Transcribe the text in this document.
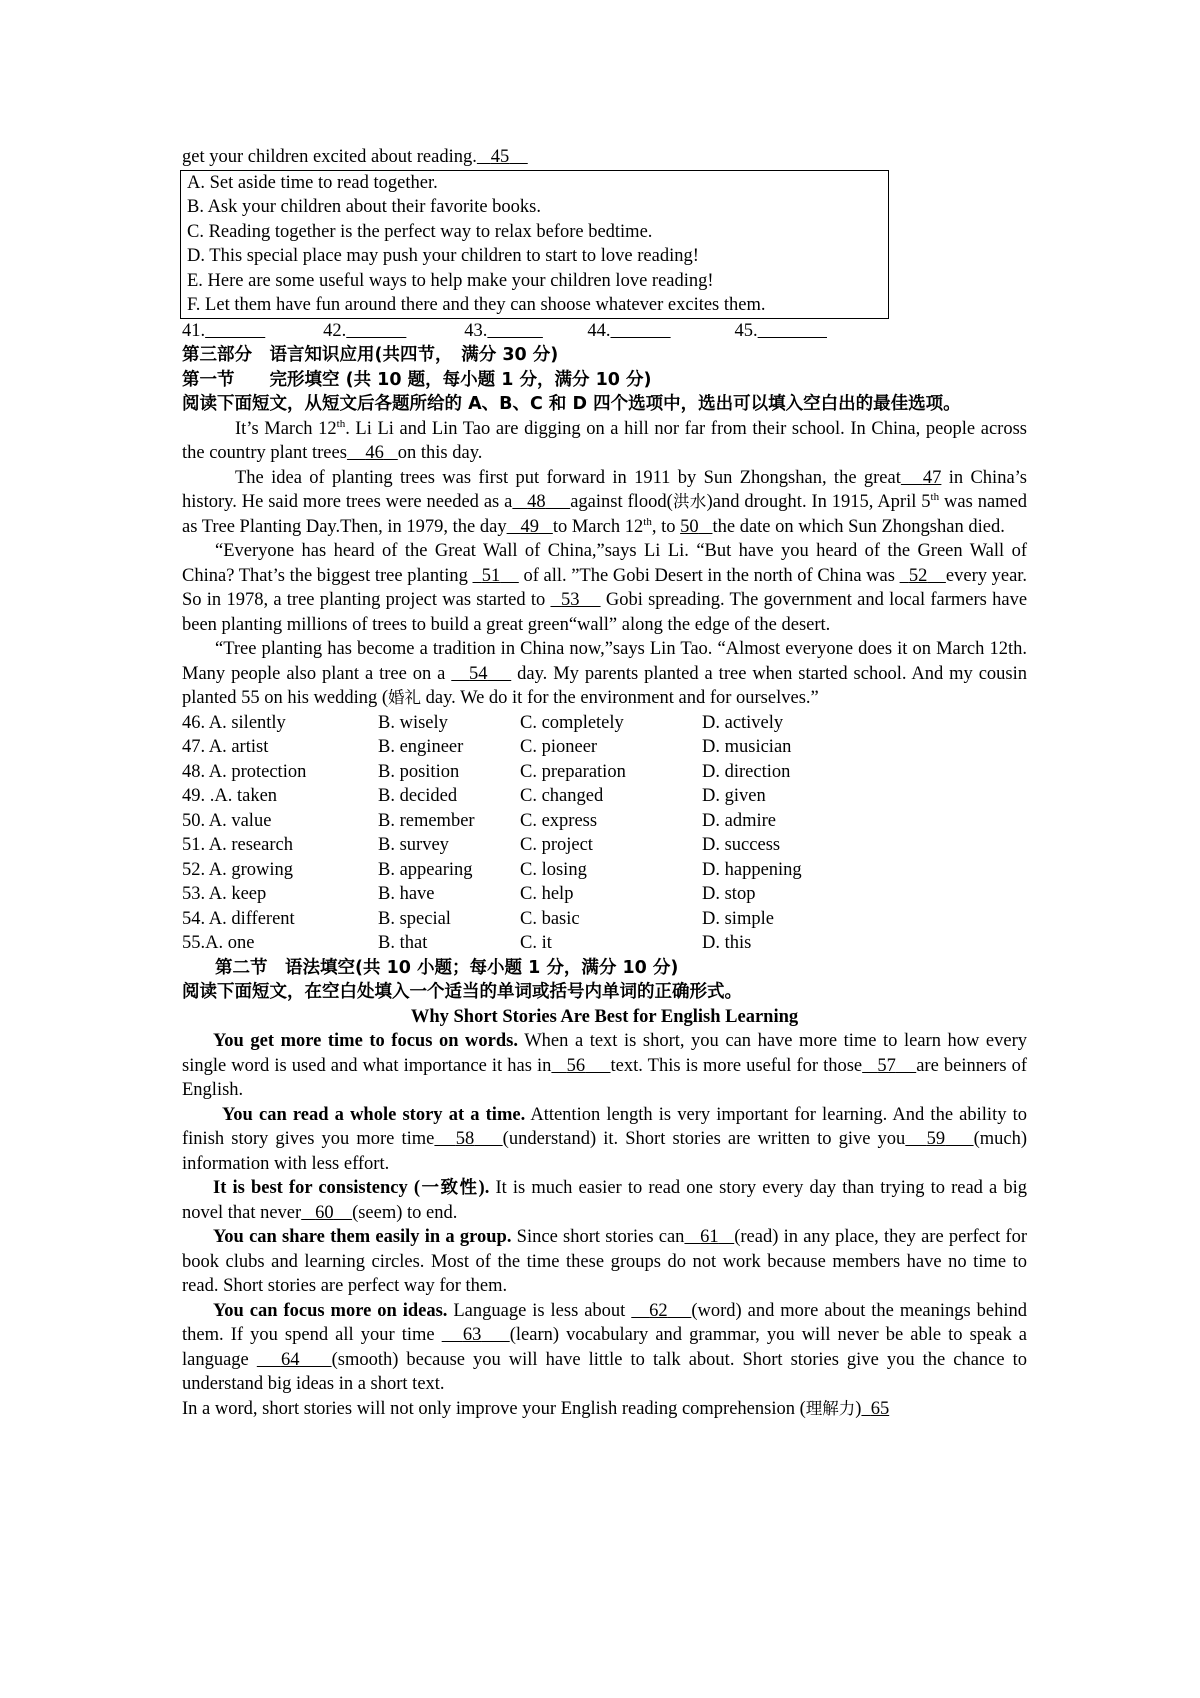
get your children excited about reading. 45
A. Set aside time to read together.
B. Ask your children about their favorite books.
C. Reading together is the perfect way to relax before bedtime.
D. This special place may push your children to start to love reading!
E. Here are some useful ways to help make your children love reading!
F. Let them have fun around there and they can shoose whatever excites them.
41.
	42.
	43.
	44.
	45.

第三部分　语言知识应用(共四节，　满分 30 分)
第一节　　完形填空 (共 10 题，每小题 1 分，满分 10 分)
阅读下面短文，从短文后各题所给的 A、B、C 和 D 四个选项中，选出可以填入空白出的最佳选项。
It’s March 12th. Li Li and Lin Tao are digging on a hill nor far from their school. In China, people across the country plant trees 46 on this day.
The idea of planting trees was first put forward in 1911 by Sun Zhongshan, the great 47 in China’s history. He said more trees were needed as a 48 against flood(洪水)and drought. In 1915, April 5th was named as Tree Planting Day.Then, in 1979, the day 49 to March 12th, to 50 the date on which Sun Zhongshan died.
“Everyone has heard of the Great Wall of China,”says Li Li. “But have you heard of the Green Wall of China? That’s the biggest tree planting 51 of all. ”The Gobi Desert in the north of China was 52 every year. So in 1978, a tree planting project was started to 53 Gobi spreading. The government and local farmers have been planting millions of trees to build a great green“wall” along the edge of the desert.
“Tree planting has become a tradition in China now,”says Lin Tao. “Almost everyone does it on March 12th. Many people also plant a tree on a 54 day. My parents planted a tree when started school. And my cousin planted 55 on his wedding (婚礼 day. We do it for the environment and for ourselves.”
46. A. silently	B. wisely	C. completely	D. actively
47. A. artist	B. engineer	C. pioneer	D. musician
48. A. protection	B. position	C. preparation	D. direction
49. .A. taken	B. decided	C. changed	D. given
50. A. value	B. remember	C. express	D. admire
51. A. research	B. survey	C. project	D. success
52. A. growing	B. appearing	C. losing	D. happening
53. A. keep	B. have	C. help	D. stop
54. A. different	B. special	C. basic	D. simple
55.A. one	B. that	C. it	D. this
第二节　语法填空(共 10 小题；每小题 1 分，满分 10 分)
阅读下面短文，在空白处填入一个适当的单词或括号内单词的正确形式。
Why Short Stories Are Best for English Learning
You get more time to focus on words. When a text is short, you can have more time to learn how every single word is used and what importance it has in 56 text. This is more useful for those 57 are beinners of English.
You can read a whole story at a time. Attention length is very important for learning. And the ability to finish story gives you more time 58 (understand) it. Short stories are written to give you 59 (much) information with less effort.
It is best for consistency (一致性). It is much easier to read one story every day than trying to read a big novel that never 60 (seem) to end.
You can share them easily in a group. Since short stories can 61 (read) in any place, they are perfect for book clubs and learning circles. Most of the time these groups do not work because members have no time to read. Short stories are perfect way for them.
You can focus more on ideas. Language is less about 62 (word) and more about the meanings behind them. If you spend all your time 63 (learn) vocabulary and grammar, you will never be able to speak a language 64 (smooth) because you will have little to talk about. Short stories give you the chance to understand big ideas in a short text.
In a word, short stories will not only improve your English reading comprehension (理解力) 65
